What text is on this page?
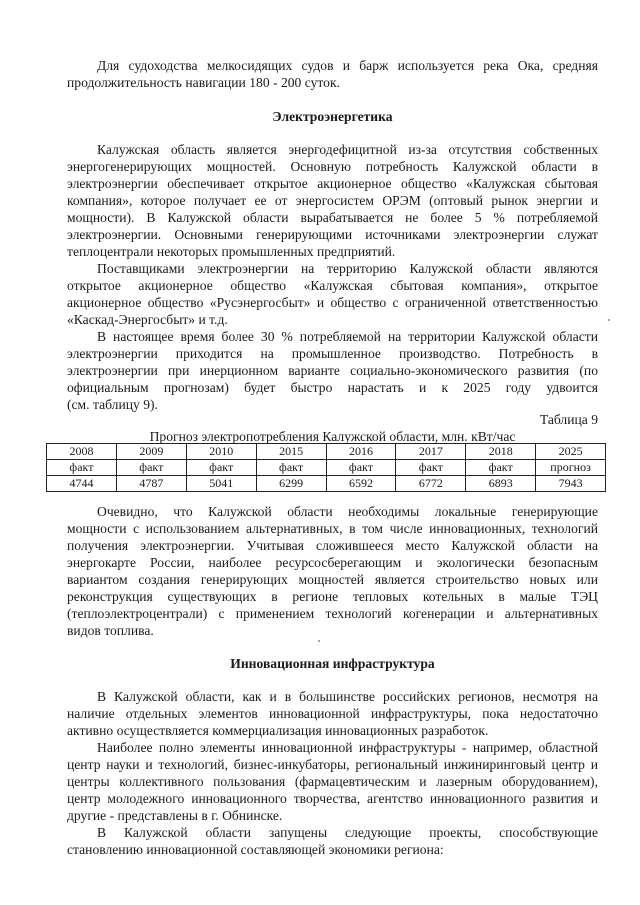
Для судоходства мелкосидящих судов и барж используется река Ока, средняя
продолжительность навигации 180 - 200 суток.
Электроэнергетика
Калужская область является энергодефицитной из-за отсутствия собственных
энергогенерирующих мощностей. Основную потребность Калужской области в
электроэнергии обеспечивает открытое акционерное общество «Калужская сбытовая
компания», которое получает ее от энергосистем ОРЭМ (оптовый рынок энергии и
мощности). В Калужской области вырабатывается не более 5 % потребляемой
электроэнергии. Основными генерирующими источниками электроэнергии служат
теплоцентрали некоторых промышленных предприятий.
Поставщиками электроэнергии на территорию Калужской области являются
открытое акционерное общество «Калужская сбытовая компания», открытое
акционерное общество «Русэнергосбыт» и общество с ограниченной ответственностью
«Каскад-Энергосбыт» и т.д.
В настоящее время более 30 % потребляемой на территории Калужской области
электроэнергии приходится на промышленное производство. Потребность в
электроэнергии при инерционном варианте социально-экономического развития (по
официальным прогнозам) будет быстро нарастать и к 2025 году удвоится
(см. таблицу 9).
Таблица 9
Прогноз электропотребления Калужской области, млн. кВт/час
2008	2009	2010	2015	2016	2017	2018	2025
факт	факт	факт	факт	факт	факт	факт	прогноз
4744	4787	5041	6299	6592	6772	6893	7943
Очевидно, что Калужской области необходимы локальные генерирующие
мощности с использованием альтернативных, в том числе инновационных, технологий
получения электроэнергии. Учитывая сложившееся место Калужской области на
энергокарте России, наиболее ресурсосберегающим и экологически безопасным
вариантом создания генерирующих мощностей является строительство новых или
реконструкция существующих в регионе тепловых котельных в малые ТЭЦ
(теплоэлектроцентрали) с применением технологий когенерации и альтернативных
видов топлива.
Инновационная инфраструктура
В Калужской области, как и в большинстве российских регионов, несмотря на
наличие отдельных элементов инновационной инфраструктуры, пока недостаточно
активно осуществляется коммерциализация инновационных разработок.
Наиболее полно элементы инновационной инфраструктуры - например, областной
центр науки и технологий, бизнес-инкубаторы, региональный инжиниринговый центр и
центры коллективного пользования (фармацевтическим и лазерным оборудованием),
центр молодежного инновационного творчества, агентство инновационного развития и
другие - представлены в г. Обнинске.
В Калужской области запущены следующие проекты, способствующие
становлению инновационной составляющей экономики региона:
